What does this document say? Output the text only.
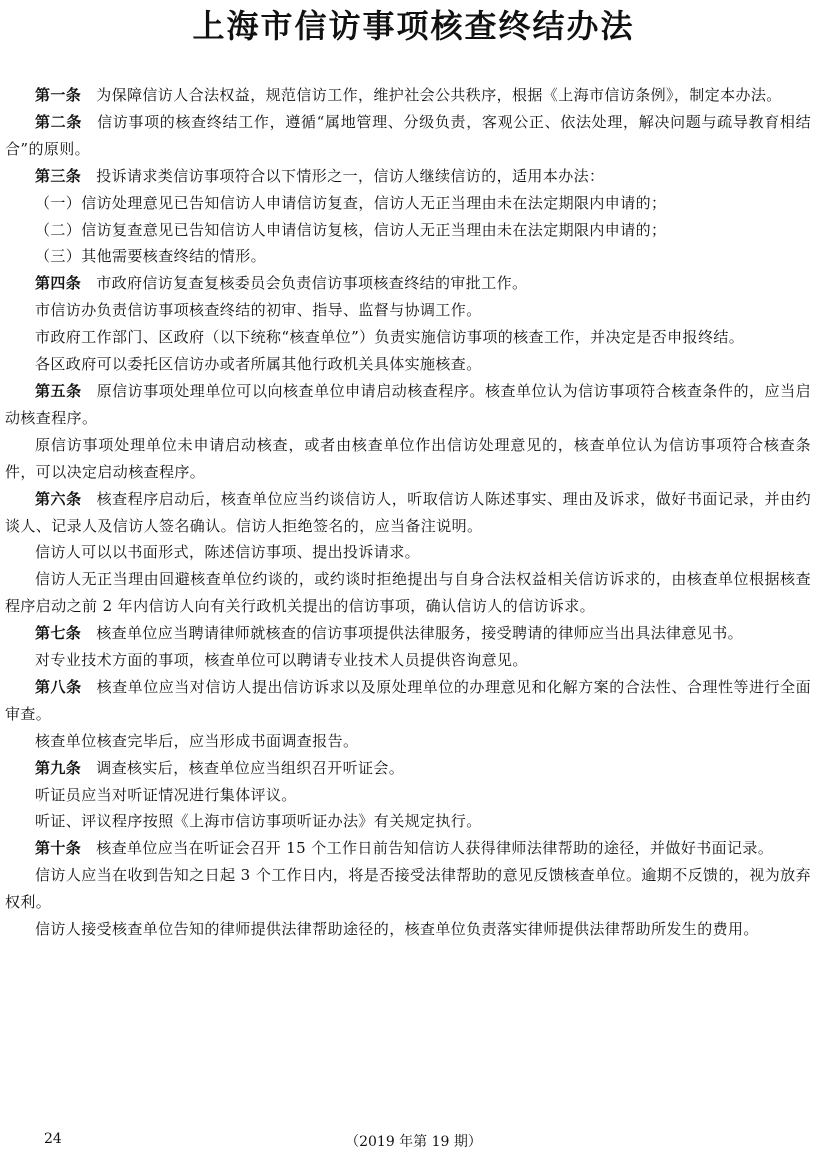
上海市信访事项核查终结办法

第一条 为保障信访人合法权益，规范信访工作，维护社会公共秩序，根据《上海市信访条例》，制定本办法。

第二条 信访事项的核查终结工作，遵循“属地管理、分级负责，客观公正、依法处理，解决问题与疏导教育相结合”的原则。

第三条 投诉请求类信访事项符合以下情形之一，信访人继续信访的，适用本办法：

（一）信访处理意见已告知信访人申请信访复查，信访人无正当理由未在法定期限内申请的；

（二）信访复查意见已告知信访人申请信访复核，信访人无正当理由未在法定期限内申请的；

（三）其他需要核查终结的情形。

第四条 市政府信访复查复核委员会负责信访事项核查终结的审批工作。

市信访办负责信访事项核查终结的初审、指导、监督与协调工作。

市政府工作部门、区政府（以下统称“核查单位”）负责实施信访事项的核查工作，并决定是否申报终结。

各区政府可以委托区信访办或者所属其他行政机关具体实施核查。

第五条 原信访事项处理单位可以向核查单位申请启动核查程序。核查单位认为信访事项符合核查条件的，应当启动核查程序。

原信访事项处理单位未申请启动核查，或者由核查单位作出信访处理意见的，核查单位认为信访事项符合核查条件，可以决定启动核查程序。

第六条 核查程序启动后，核查单位应当约谈信访人，听取信访人陈述事实、理由及诉求，做好书面记录，并由约谈人、记录人及信访人签名确认。信访人拒绝签名的，应当备注说明。

信访人可以以书面形式，陈述信访事项、提出投诉请求。

信访人无正当理由回避核查单位约谈的，或约谈时拒绝提出与自身合法权益相关信访诉求的，由核查单位根据核查程序启动之前 2 年内信访人向有关行政机关提出的信访事项，确认信访人的信访诉求。

第七条 核查单位应当聘请律师就核查的信访事项提供法律服务，接受聘请的律师应当出具法律意见书。

对专业技术方面的事项，核查单位可以聘请专业技术人员提供咨询意见。

第八条 核查单位应当对信访人提出信访诉求以及原处理单位的办理意见和化解方案的合法性、合理性等进行全面审查。

核查单位核查完毕后，应当形成书面调查报告。

第九条 调查核实后，核查单位应当组织召开听证会。

听证员应当对听证情况进行集体评议。

听证、评议程序按照《上海市信访事项听证办法》有关规定执行。

第十条 核查单位应当在听证会召开 15 个工作日前告知信访人获得律师法律帮助的途径，并做好书面记录。

信访人应当在收到告知之日起 3 个工作日内，将是否接受法律帮助的意见反馈核查单位。逾期不反馈的，视为放弃权利。

信访人接受核查单位告知的律师提供法律帮助途径的，核查单位负责落实律师提供法律帮助所发生的费用。

24	（2019 年第 19 期）
